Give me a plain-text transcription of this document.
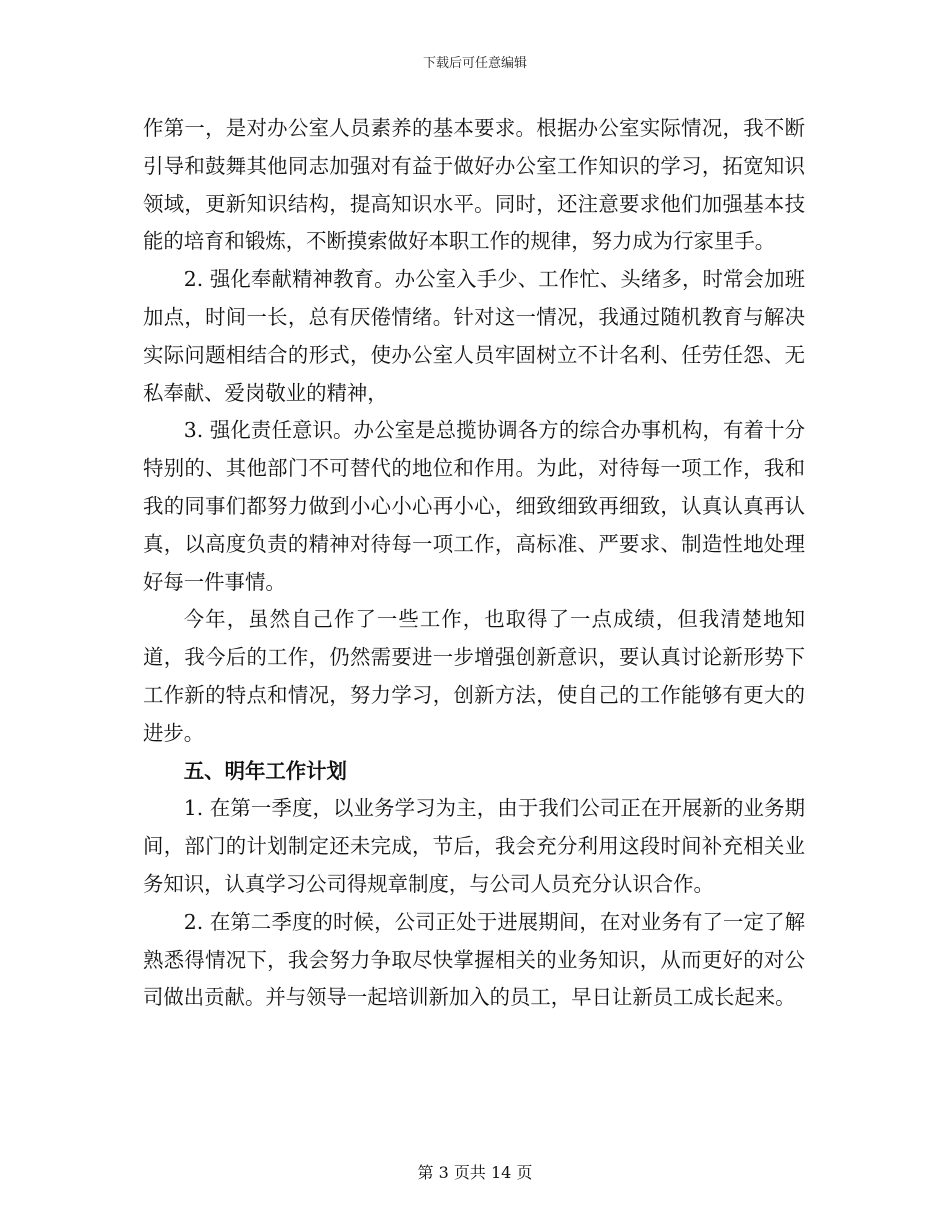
下载后可任意编辑

作第一，是对办公室人员素养的基本要求。根据办公室实际情况，我不断引导和鼓舞其他同志加强对有益于做好办公室工作知识的学习，拓宽知识领域，更新知识结构，提高知识水平。同时，还注意要求他们加强基本技能的培育和锻炼，不断摸索做好本职工作的规律，努力成为行家里手。

2. 强化奉献精神教育。办公室入手少、工作忙、头绪多，时常会加班加点，时间一长，总有厌倦情绪。针对这一情况，我通过随机教育与解决实际问题相结合的形式，使办公室人员牢固树立不计名利、任劳任怨、无私奉献、爱岗敬业的精神，

3. 强化责任意识。办公室是总揽协调各方的综合办事机构，有着十分特别的、其他部门不可替代的地位和作用。为此，对待每一项工作，我和我的同事们都努力做到小心小心再小心，细致细致再细致，认真认真再认真，以高度负责的精神对待每一项工作，高标准、严要求、制造性地处理好每一件事情。

今年，虽然自己作了一些工作，也取得了一点成绩，但我清楚地知道，我今后的工作，仍然需要进一步增强创新意识，要认真讨论新形势下工作新的特点和情况，努力学习，创新方法，使自己的工作能够有更大的进步。

五、明年工作计划

1. 在第一季度，以业务学习为主，由于我们公司正在开展新的业务期间，部门的计划制定还未完成，节后，我会充分利用这段时间补充相关业务知识，认真学习公司得规章制度，与公司人员充分认识合作。

2. 在第二季度的时候，公司正处于进展期间，在对业务有了一定了解熟悉得情况下，我会努力争取尽快掌握相关的业务知识，从而更好的对公司做出贡献。并与领导一起培训新加入的员工，早日让新员工成长起来。

第 3 页共 14 页
